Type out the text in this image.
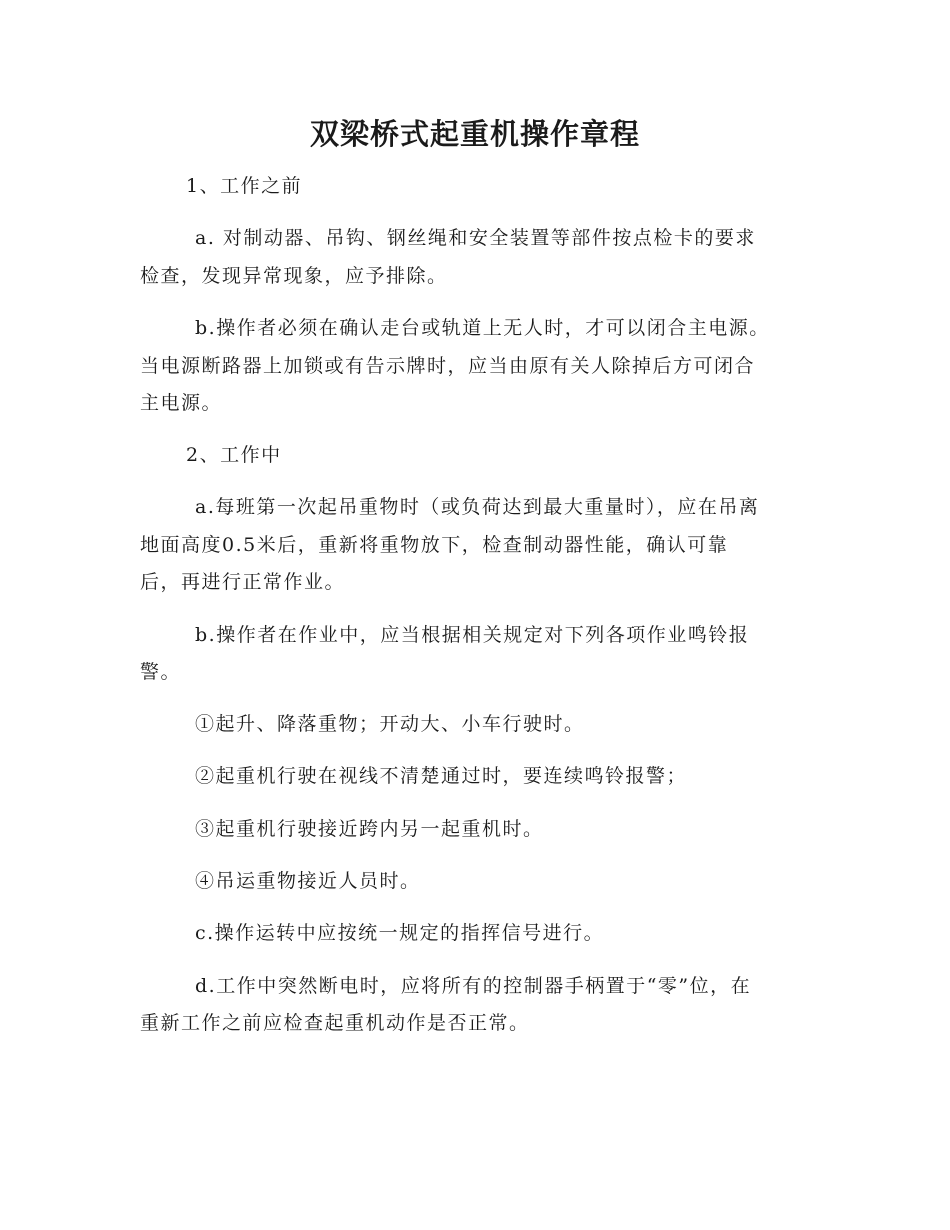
双梁桥式起重机操作章程
1、工作之前
a. 对制动器、吊钩、钢丝绳和安全装置等部件按点检卡的要求
检查，发现异常现象，应予排除。
b.操作者必须在确认走台或轨道上无人时，才可以闭合主电源。
当电源断路器上加锁或有告示牌时，应当由原有关人除掉后方可闭合
主电源。
2、工作中
a.每班第一次起吊重物时（或负荷达到最大重量时），应在吊离
地面高度0.5米后，重新将重物放下，检查制动器性能，确认可靠
后，再进行正常作业。
b.操作者在作业中，应当根据相关规定对下列各项作业鸣铃报
警。
①起升、降落重物；开动大、小车行驶时。
②起重机行驶在视线不清楚通过时，要连续鸣铃报警；
③起重机行驶接近跨内另一起重机时。
④吊运重物接近人员时。
c.操作运转中应按统一规定的指挥信号进行。
d.工作中突然断电时，应将所有的控制器手柄置于“零”位，在
重新工作之前应检查起重机动作是否正常。
